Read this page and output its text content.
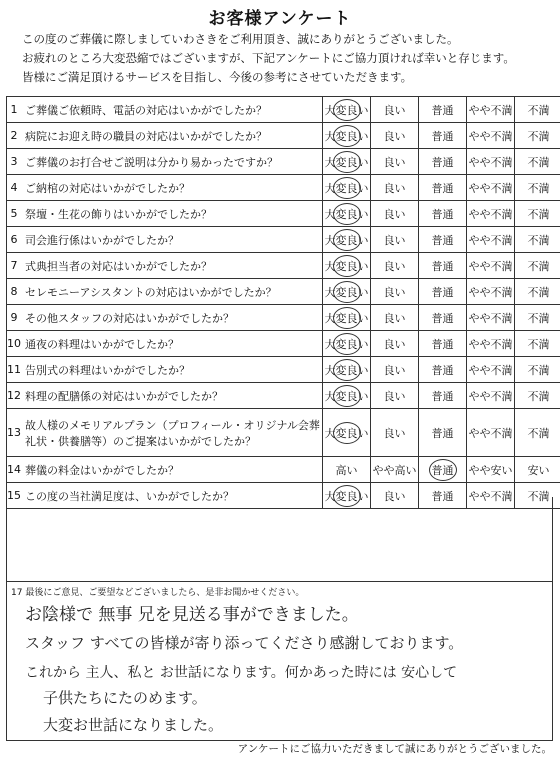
お客様アンケート
この度のご葬儀に際しましていわさきをご利用頂き、誠にありがとうございました。
お疲れのところ大変恐縮ではございますが、下記アンケートにご協力頂ければ幸いと存じます。
皆様にご満足頂けるサービスを目指し、今後の参考にさせていただきます。
1	ご葬儀ご依頼時、電話の対応はいかがでしたか？	大変良い	良い	普通	やや不満	不満
2	病院にお迎え時の職員の対応はいかがでしたか？	大変良い	良い	普通	やや不満	不満
3	ご葬儀のお打合せご説明は分かり易かったですか？	大変良い	良い	普通	やや不満	不満
4	ご納棺の対応はいかがでしたか？	大変良い	良い	普通	やや不満	不満
5	祭壇・生花の飾りはいかがでしたか？	大変良い	良い	普通	やや不満	不満
6	司会進行係はいかがでしたか？	大変良い	良い	普通	やや不満	不満
7	式典担当者の対応はいかがでしたか？	大変良い	良い	普通	やや不満	不満
8	セレモニーアシスタントの対応はいかがでしたか？	大変良い	良い	普通	やや不満	不満
9	その他スタッフの対応はいかがでしたか？	大変良い	良い	普通	やや不満	不満
10	通夜の料理はいかがでしたか？	大変良い	良い	普通	やや不満	不満
11	告別式の料理はいかがでしたか？	大変良い	良い	普通	やや不満	不満
12	料理の配膳係の対応はいかがでしたか？	大変良い	良い	普通	やや不満	不満
13	故人様のメモリアルプラン（プロフィール・オリジナル会葬礼状・供養膳等）のご提案はいかがでしたか？	大変良い	良い	普通	やや不満	不満
14	葬儀の料金はいかがでしたか？	高い	やや高い	普通	やや安い	安い
15	この度の当社満足度は、いかがでしたか？	大変良い	良い	普通	やや不満	不満
17 最後にご意見、ご要望などございましたら、是非お聞かせください。
お陰様で 無事 兄を見送る事ができました。
スタッフ すべての皆様が寄り添ってくださり感謝しております。
これから 主人、私と お世話になります。何かあった時には 安心して
子供たちにたのめます。
大変お世話になりました。
アンケートにご協力いただきまして誠にありがとうございました。
